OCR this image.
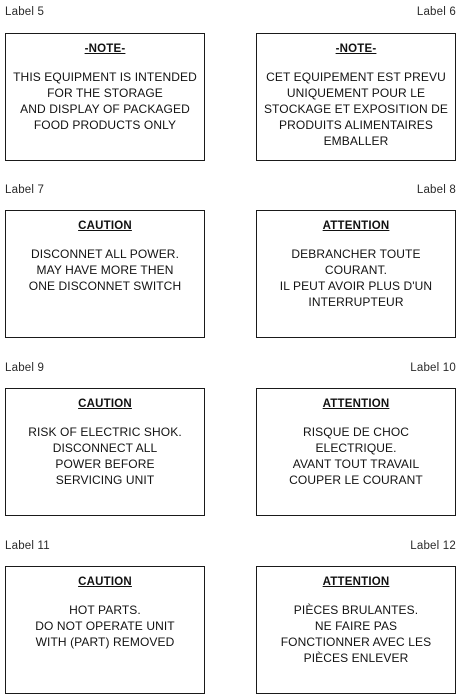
Label 5	Label 6
-NOTE-
THIS EQUIPMENT IS INTENDED
FOR THE STORAGE
AND DISPLAY OF PACKAGED
FOOD PRODUCTS ONLY
-NOTE-
CET EQUIPEMENT EST PREVU
UNIQUEMENT POUR LE
STOCKAGE ET EXPOSITION DE
PRODUITS ALIMENTAIRES
EMBALLER
Label 7	Label 8
CAUTION
DISCONNET ALL POWER.
MAY HAVE MORE THEN
ONE DISCONNET SWITCH
ATTENTION
DEBRANCHER TOUTE
COURANT.
IL PEUT AVOIR PLUS D'UN
INTERRUPTEUR
Label 9	Label 10
CAUTION
RISK OF ELECTRIC SHOK.
DISCONNECT ALL
POWER BEFORE
SERVICING UNIT
ATTENTION
RISQUE DE CHOC
ELECTRIQUE.
AVANT TOUT TRAVAIL
COUPER LE COURANT
Label 11	Label 12
CAUTION
HOT PARTS.
DO NOT OPERATE UNIT
WITH (PART) REMOVED
ATTENTION
PIÈCES BRULANTES.
NE FAIRE PAS
FONCTIONNER AVEC LES
PIÈCES ENLEVER
